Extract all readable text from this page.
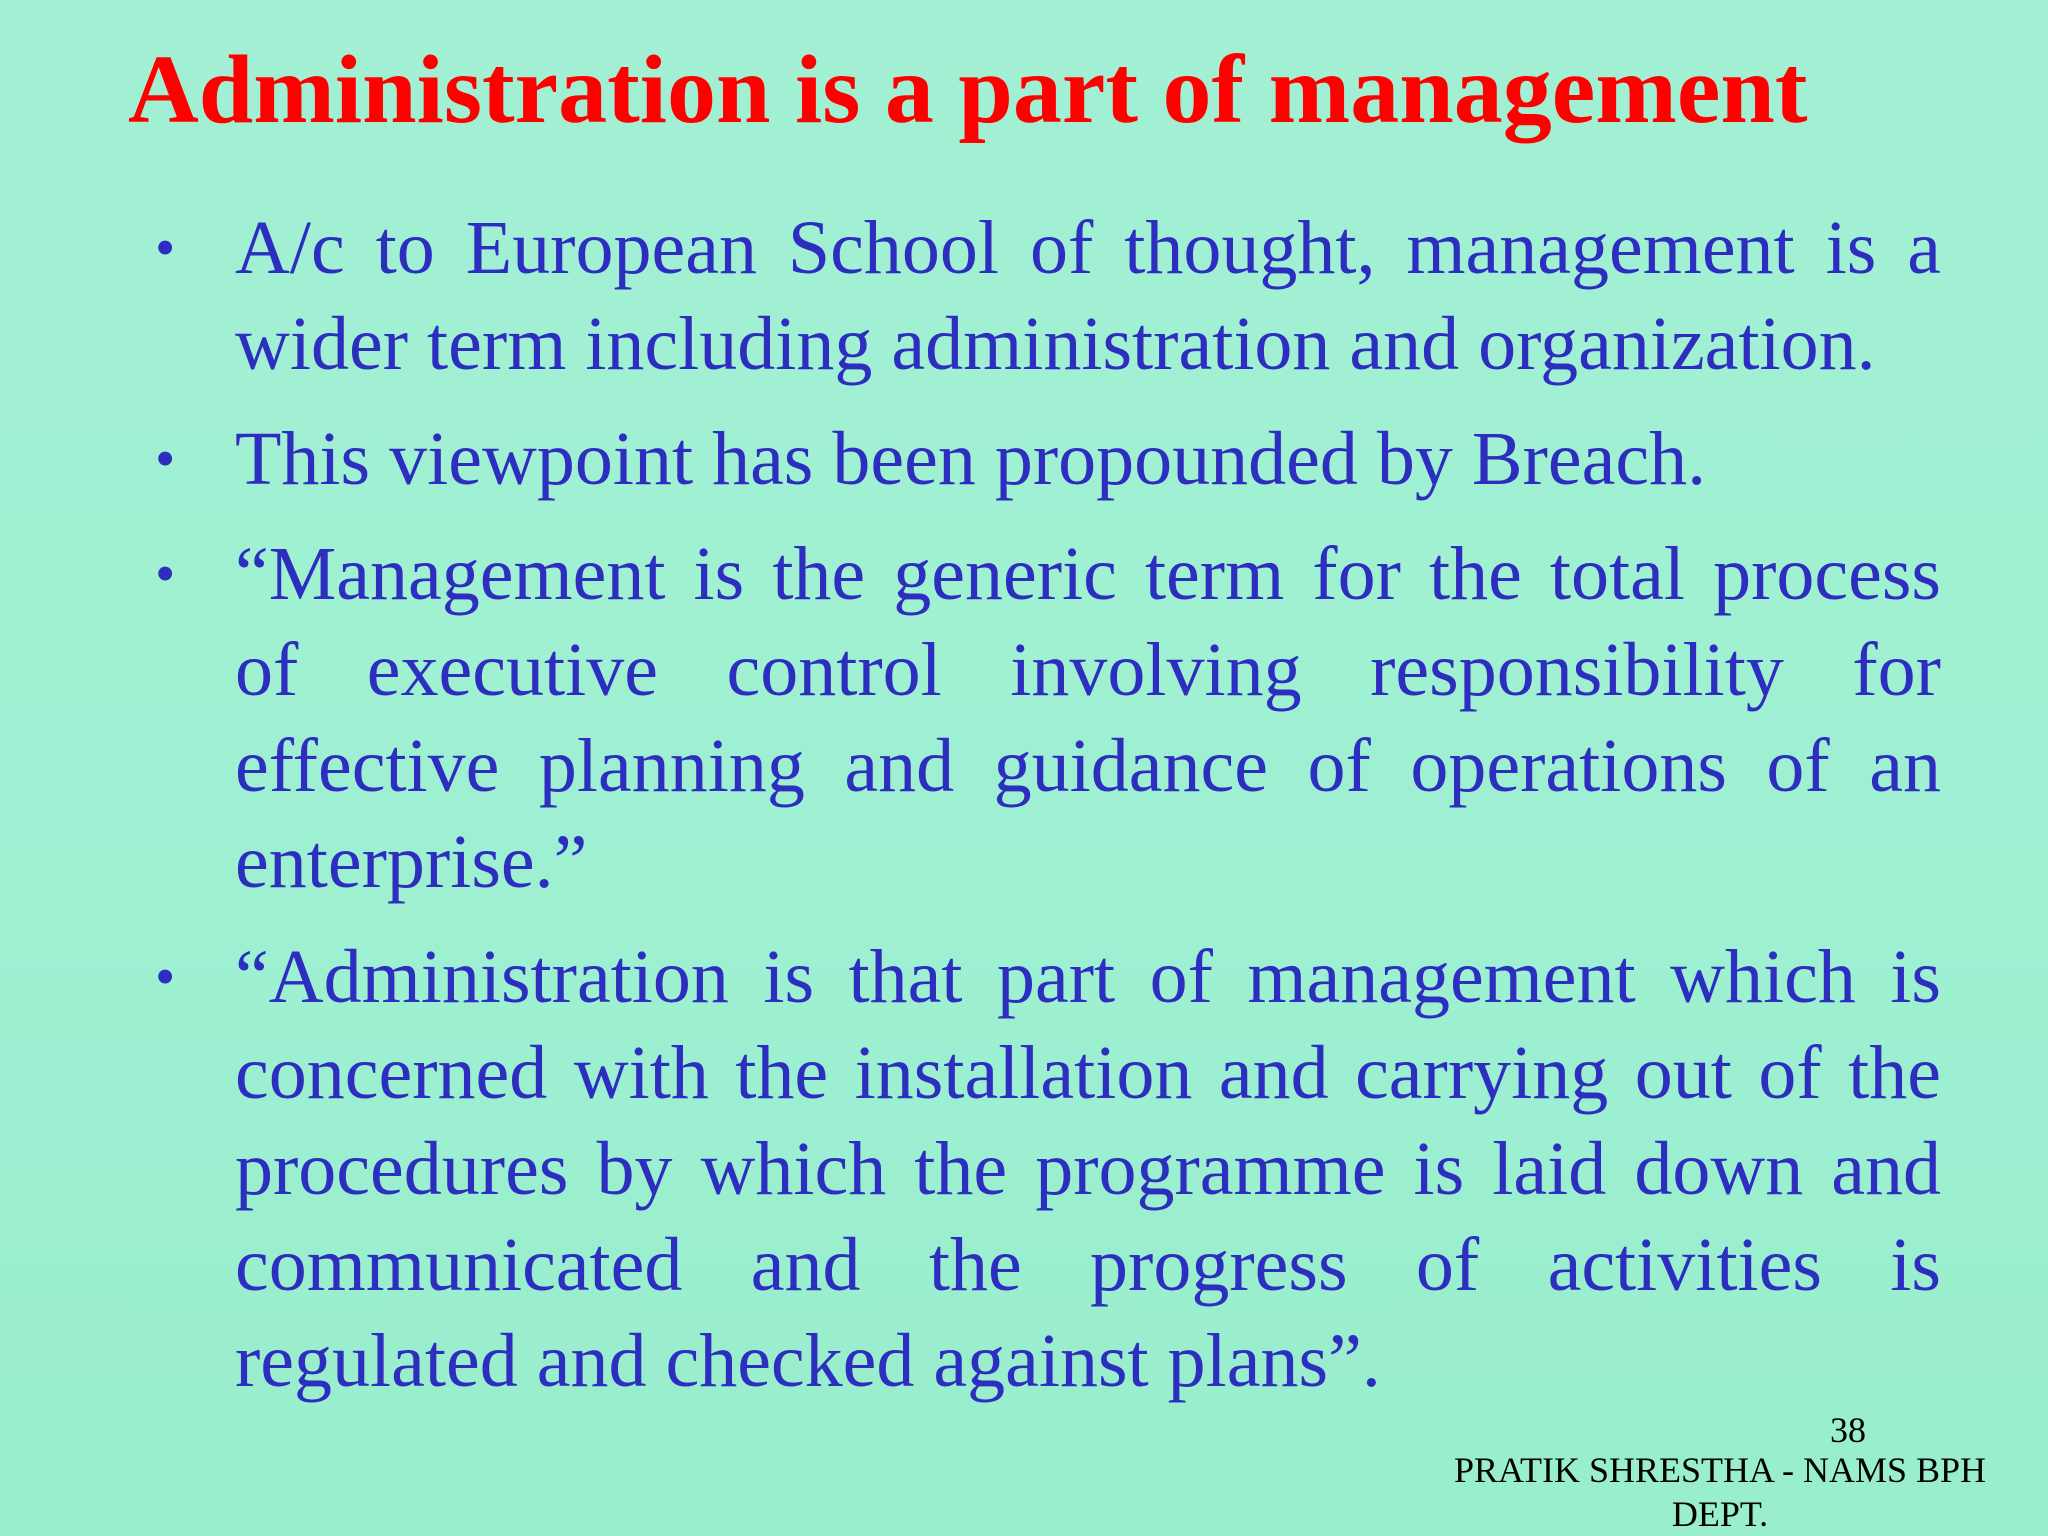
Administration is a part of management
• A/c to European School of thought, management is a wider term including administration and organization.
• This viewpoint has been propounded by Breach.
• “Management is the generic term for the total process of executive control involving responsibility for effective planning and guidance of operations of an enterprise.”
• “Administration is that part of management which is concerned with the installation and carrying out of the procedures by which the programme is laid down and communicated and the progress of activities is regulated and checked against plans”.
38
PRATIK SHRESTHA - NAMS BPH DEPT.
